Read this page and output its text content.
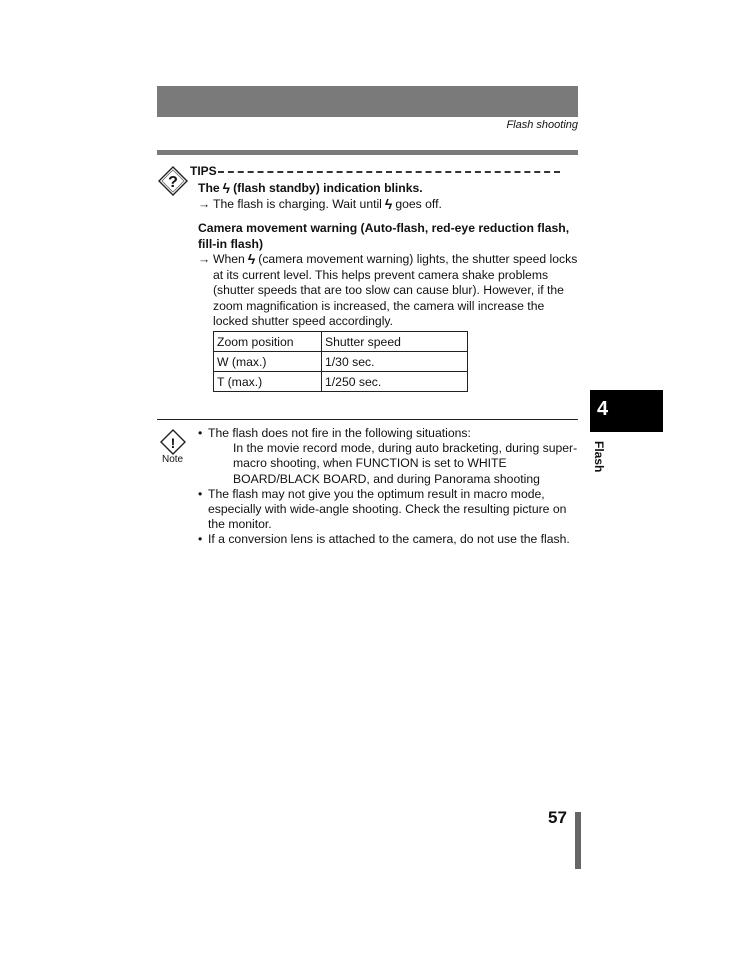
Flash shooting
?
TIPS
The ϟ (flash standby) indication blinks.
→ The flash is charging. Wait until ϟ goes off.
Camera movement warning (Auto-flash, red-eye reduction flash, fill-in flash)
→ When ϟ (camera movement warning) lights, the shutter speed locks at its current level. This helps prevent camera shake problems (shutter speeds that are too slow can cause blur). However, if the zoom magnification is increased, the camera will increase the locked shutter speed accordingly.
Zoom position	Shutter speed
W (max.)	1/30 sec.
T (max.)	1/250 sec.
!
Note
• The flash does not fire in the following situations:
In the movie record mode, during auto bracketing, during super-macro shooting, when FUNCTION is set to WHITE BOARD/BLACK BOARD, and during Panorama shooting
• The flash may not give you the optimum result in macro mode, especially with wide-angle shooting. Check the resulting picture on the monitor.
• If a conversion lens is attached to the camera, do not use the flash.
4
Flash
57
